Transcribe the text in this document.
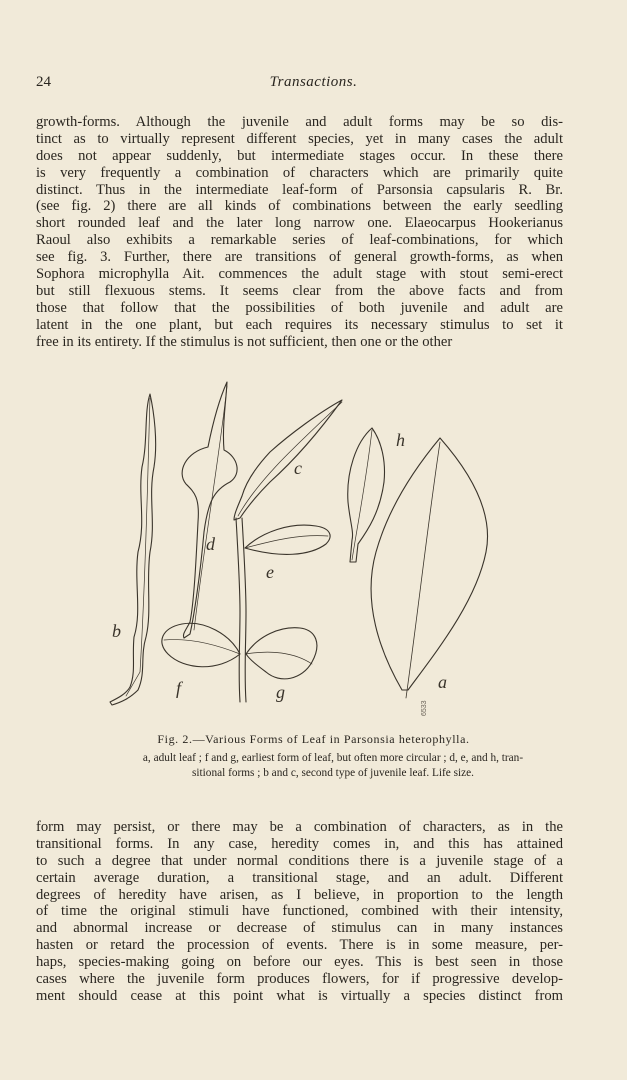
24	Transactions.
growth-forms. Although the juvenile and adult forms may be so dis-
tinct as to virtually represent different species, yet in many cases the adult
does not appear suddenly, but intermediate stages occur. In these there
is very frequently a combination of characters which are primarily quite
distinct. Thus in the intermediate leaf-form of Parsonsia capsularis R. Br.
(see fig. 2) there are all kinds of combinations between the early seedling
short rounded leaf and the later long narrow one. Elaeocarpus Hookerianus
Raoul also exhibits a remarkable series of leaf-combinations, for which
see fig. 3. Further, there are transitions of general growth-forms, as when
Sophora microphylla Ait. commences the adult stage with stout semi-erect
but still flexuous stems. It seems clear from the above facts and from
those that follow that the possibilities of both juvenile and adult are
latent in the one plant, but each requires its necessary stimulus to set it
free in its entirety. If the stimulus is not sufficient, then one or the other
b
d
c
h
e
f	g	a
6533
Fig. 2.—Various Forms of Leaf in Parsonsia heterophylla.
a, adult leaf ; f and g, earliest form of leaf, but often more circular ; d, e, and h, tran-
sitional forms ; b and c, second type of juvenile leaf. Life size.
form may persist, or there may be a combination of characters, as in the
transitional forms. In any case, heredity comes in, and this has attained
to such a degree that under normal conditions there is a juvenile stage of a
certain average duration, a transitional stage, and an adult. Different
degrees of heredity have arisen, as I believe, in proportion to the length
of time the original stimuli have functioned, combined with their intensity,
and abnormal increase or decrease of stimulus can in many instances
hasten or retard the procession of events. There is in some measure, per-
haps, species-making going on before our eyes. This is best seen in those
cases where the juvenile form produces flowers, for if progressive develop-
ment should cease at this point what is virtually a species distinct from
